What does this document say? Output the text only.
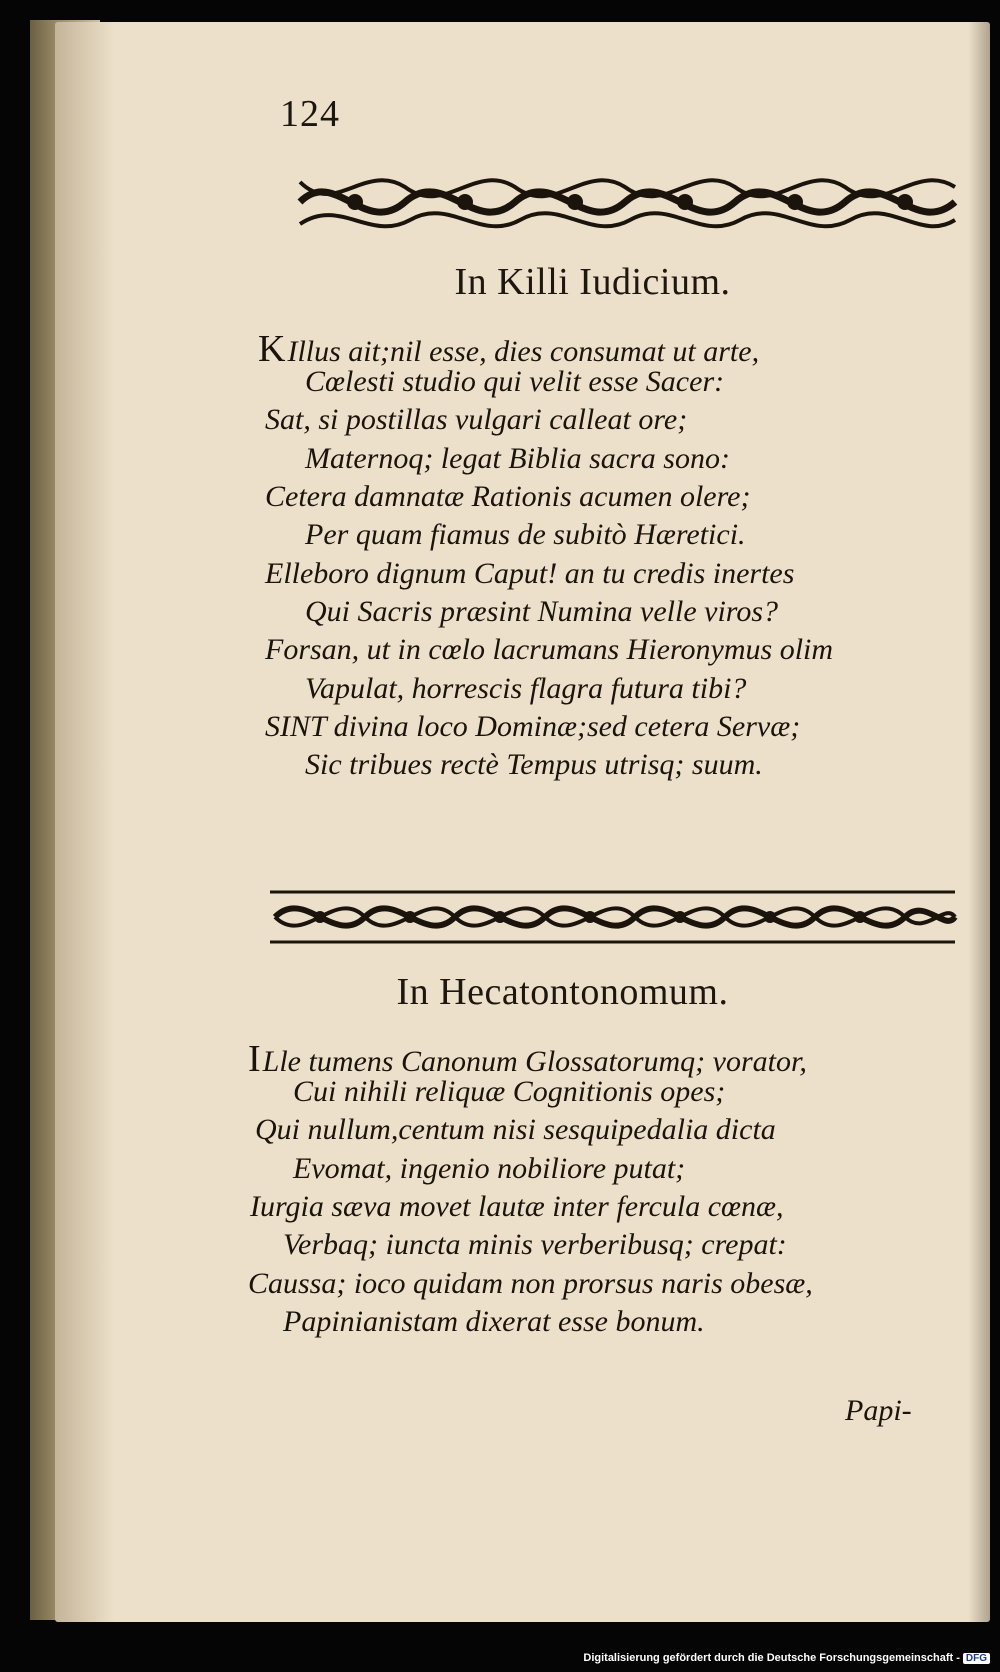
124
In Killi Iudicium.
KIllus ait;nil esse, dies consumat ut arte,
Cœlesti studio qui velit esse Sacer:
Sat, si postillas vulgari calleat ore;
Maternoq; legat Biblia sacra sono:
Cetera damnatæ Rationis acumen olere;
Per quam fiamus de subitò Hæretici.
Elleboro dignum Caput! an tu credis inertes
Qui Sacris præsint Numina velle viros?
Forsan, ut in cœlo lacrumans Hieronymus olim
Vapulat, horrescis flagra futura tibi?
SINT divina loco Dominæ;sed cetera Servæ;
Sic tribues rectè Tempus utrisq; suum.
In Hecatontonomum.
ILle tumens Canonum Glossatorumq; vorator,
Cui nihili reliquæ Cognitionis opes;
Qui nullum,centum nisi sesquipedalia dicta
Evomat, ingenio nobiliore putat;
Iurgia sæva movet lautæ inter fercula cœnæ,
Verbaq; iuncta minis verberibusq; crepat:
Caussa; ioco quidam non prorsus naris obesæ,
Papinianistam dixerat esse bonum.
Papi-
Digitalisierung gefördert durch die Deutsche Forschungsgemeinschaft - DFG
